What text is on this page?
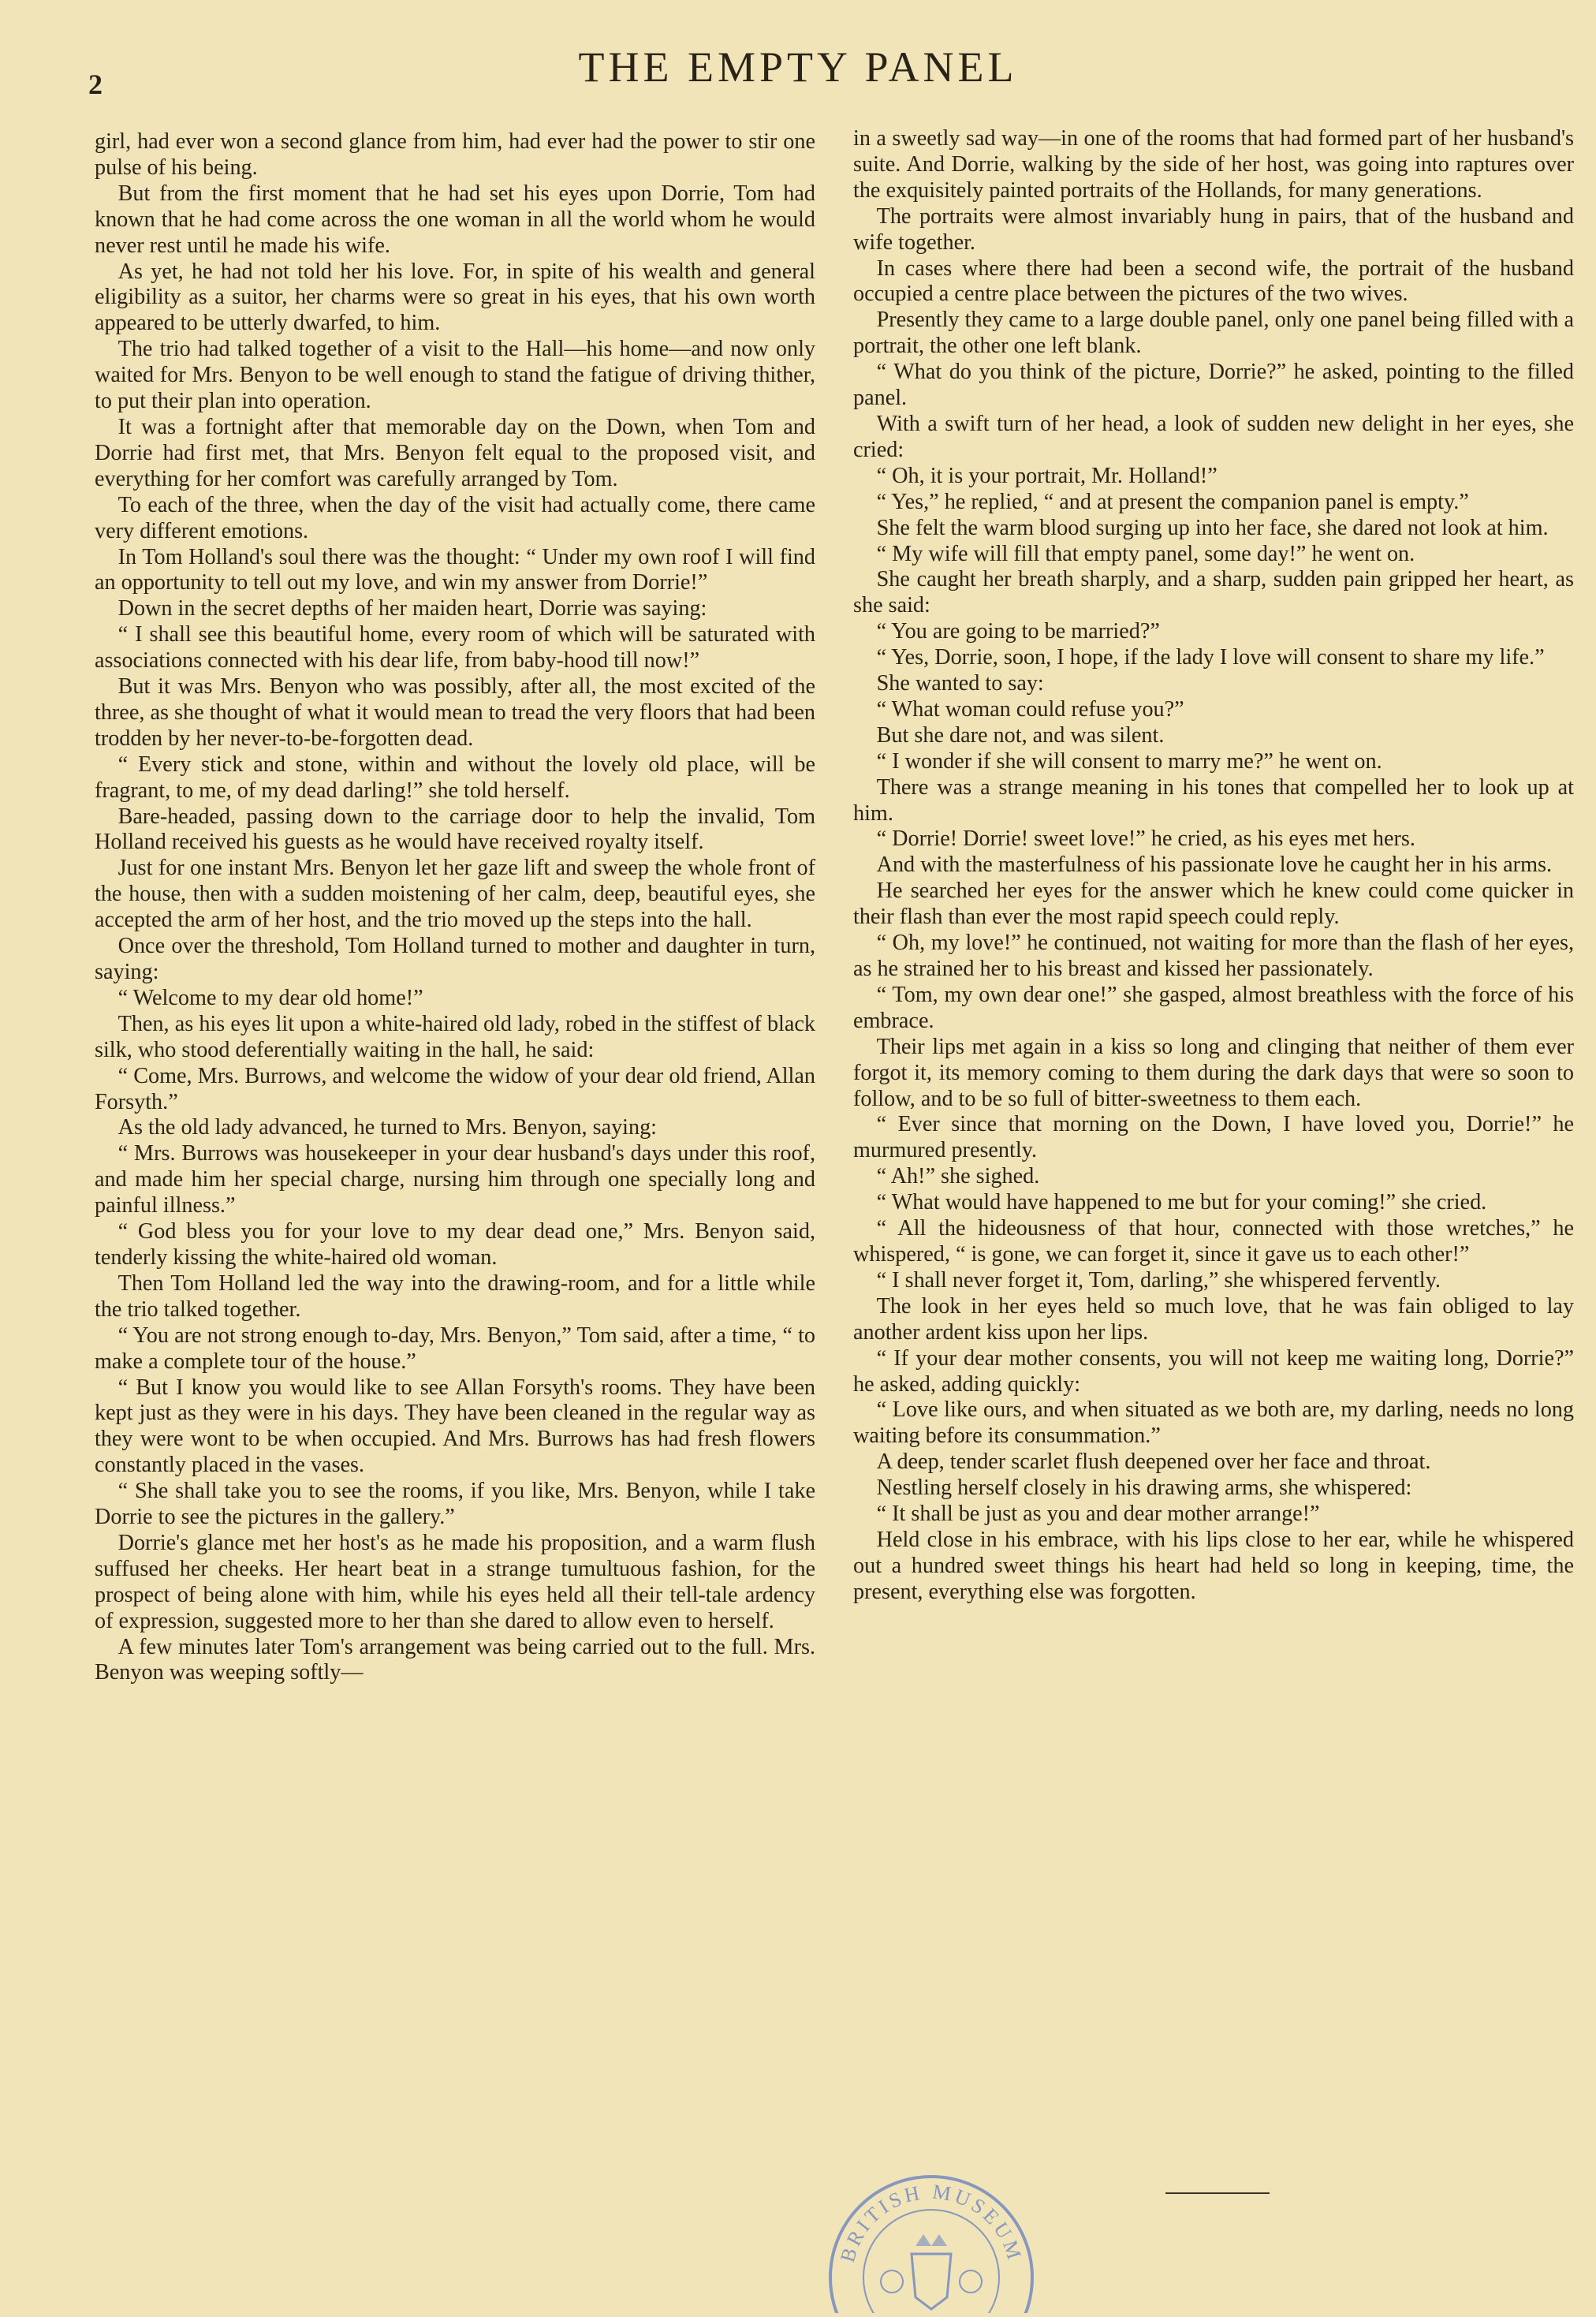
2	THE EMPTY PANEL

girl, had ever won a second glance from him, had ever had the power to stir one pulse of his being.

But from the first moment that he had set his eyes upon Dorrie, Tom had known that he had come across the one woman in all the world whom he would never rest until he made his wife.

As yet, he had not told her his love. For, in spite of his wealth and general eligibility as a suitor, her charms were so great in his eyes, that his own worth appeared to be utterly dwarfed, to him.

The trio had talked together of a visit to the Hall—his home—and now only waited for Mrs. Benyon to be well enough to stand the fatigue of driving thither, to put their plan into operation.

It was a fortnight after that memorable day on the Down, when Tom and Dorrie had first met, that Mrs. Benyon felt equal to the proposed visit, and everything for her comfort was carefully arranged by Tom.

To each of the three, when the day of the visit had actually come, there came very different emotions.

In Tom Holland's soul there was the thought: “ Under my own roof I will find an opportunity to tell out my love, and win my answer from Dorrie!”

Down in the secret depths of her maiden heart, Dorrie was saying:

“ I shall see this beautiful home, every room of which will be saturated with associations connected with his dear life, from baby-hood till now!”

But it was Mrs. Benyon who was possibly, after all, the most excited of the three, as she thought of what it would mean to tread the very floors that had been trodden by her never-to-be-forgotten dead.

“ Every stick and stone, within and without the lovely old place, will be fragrant, to me, of my dead darling!” she told herself.

Bare-headed, passing down to the carriage door to help the invalid, Tom Holland received his guests as he would have received royalty itself.

Just for one instant Mrs. Benyon let her gaze lift and sweep the whole front of the house, then with a sudden moistening of her calm, deep, beautiful eyes, she accepted the arm of her host, and the trio moved up the steps into the hall.

Once over the threshold, Tom Holland turned to mother and daughter in turn, saying:

“ Welcome to my dear old home!”

Then, as his eyes lit upon a white-haired old lady, robed in the stiffest of black silk, who stood deferentially waiting in the hall, he said:

“ Come, Mrs. Burrows, and welcome the widow of your dear old friend, Allan Forsyth.”

As the old lady advanced, he turned to Mrs. Benyon, saying:

“ Mrs. Burrows was housekeeper in your dear husband's days under this roof, and made him her special charge, nursing him through one specially long and painful illness.”

“ God bless you for your love to my dear dead one,” Mrs. Benyon said, tenderly kissing the white-haired old woman.

Then Tom Holland led the way into the drawing-room, and for a little while the trio talked together.

“ You are not strong enough to-day, Mrs. Benyon,” Tom said, after a time, “ to make a complete tour of the house.”

“ But I know you would like to see Allan Forsyth's rooms. They have been kept just as they were in his days. They have been cleaned in the regular way as they were wont to be when occupied. And Mrs. Burrows has had fresh flowers constantly placed in the vases.

“ She shall take you to see the rooms, if you like, Mrs. Benyon, while I take Dorrie to see the pictures in the gallery.”

Dorrie's glance met her host's as he made his proposition, and a warm flush suffused her cheeks. Her heart beat in a strange tumultuous fashion, for the prospect of being alone with him, while his eyes held all their tell-tale ardency of expression, suggested more to her than she dared to allow even to herself.

A few minutes later Tom's arrangement was being carried out to the full. Mrs. Benyon was weeping softly—

in a sweetly sad way—in one of the rooms that had formed part of her husband's suite. And Dorrie, walking by the side of her host, was going into raptures over the exquisitely painted portraits of the Hollands, for many generations.

The portraits were almost invariably hung in pairs, that of the husband and wife together.

In cases where there had been a second wife, the portrait of the husband occupied a centre place between the pictures of the two wives.

Presently they came to a large double panel, only one panel being filled with a portrait, the other one left blank.

“ What do you think of the picture, Dorrie?” he asked, pointing to the filled panel.

With a swift turn of her head, a look of sudden new delight in her eyes, she cried:

“ Oh, it is your portrait, Mr. Holland!”

“ Yes,” he replied, “ and at present the companion panel is empty.”

She felt the warm blood surging up into her face, she dared not look at him.

“ My wife will fill that empty panel, some day!” he went on.

She caught her breath sharply, and a sharp, sudden pain gripped her heart, as she said:

“ You are going to be married?”

“ Yes, Dorrie, soon, I hope, if the lady I love will consent to share my life.”

She wanted to say:

“ What woman could refuse you?”

But she dare not, and was silent.

“ I wonder if she will consent to marry me?” he went on.

There was a strange meaning in his tones that compelled her to look up at him.

“ Dorrie! Dorrie! sweet love!” he cried, as his eyes met hers.

And with the masterfulness of his passionate love he caught her in his arms.

He searched her eyes for the answer which he knew could come quicker in their flash than ever the most rapid speech could reply.

“ Oh, my love!” he continued, not waiting for more than the flash of her eyes, as he strained her to his breast and kissed her passionately.

“ Tom, my own dear one!” she gasped, almost breathless with the force of his embrace.

Their lips met again in a kiss so long and clinging that neither of them ever forgot it, its memory coming to them during the dark days that were so soon to follow, and to be so full of bitter-sweetness to them each.

“ Ever since that morning on the Down, I have loved you, Dorrie!” he murmured presently.

“ Ah!” she sighed.

“ What would have happened to me but for your coming!” she cried.

“ All the hideousness of that hour, connected with those wretches,” he whispered, “ is gone, we can forget it, since it gave us to each other!”

“ I shall never forget it, Tom, darling,” she whispered fervently.

The look in her eyes held so much love, that he was fain obliged to lay another ardent kiss upon her lips.

“ If your dear mother consents, you will not keep me waiting long, Dorrie?” he asked, adding quickly:

“ Love like ours, and when situated as we both are, my darling, needs no long waiting before its consummation.”

A deep, tender scarlet flush deepened over her face and throat.

Nestling herself closely in his drawing arms, she whispered:

“ It shall be just as you and dear mother arrange!”

Held close in his embrace, with his lips close to her ear, while he whispered out a hundred sweet things his heart had held so long in keeping, time, the present, everything else was forgotten.

BRITISH MUSEUM
